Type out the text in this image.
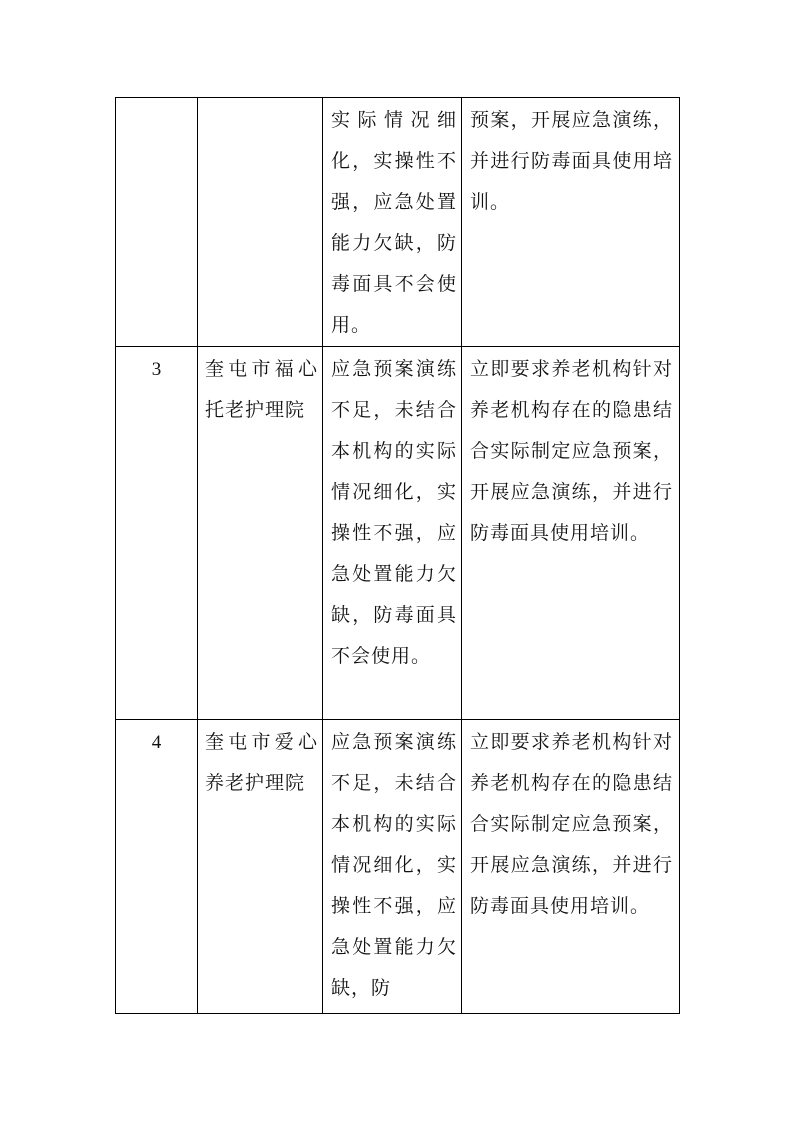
		实际情况细化，实操性不强，应急处置能力欠缺，防毒面具不会使用。	预案，开展应急演练，并进行防毒面具使用培训。

3	奎屯市福心托老护理院	应急预案演练不足，未结合本机构的实际情况细化，实操性不强，应急处置能力欠缺，防毒面具不会使用。	立即要求养老机构针对养老机构存在的隐患结合实际制定应急预案，开展应急演练，并进行防毒面具使用培训。

4	奎屯市爱心养老护理院	应急预案演练不足，未结合本机构的实际情况细化，实操性不强，应急处置能力欠缺，防	立即要求养老机构针对养老机构存在的隐患结合实际制定应急预案，开展应急演练，并进行防毒面具使用培训。
